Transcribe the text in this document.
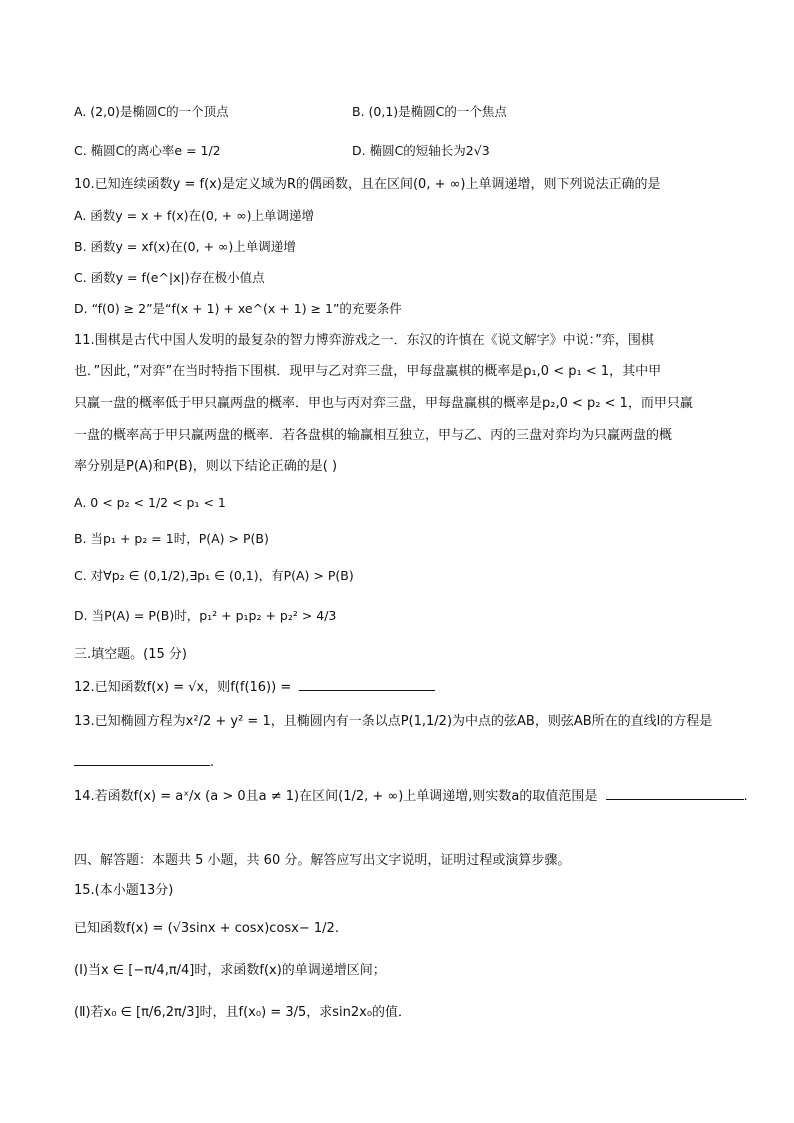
A. (2,0)是椭圆C的一个顶点	B. (0,1)是椭圆C的一个焦点
C. 椭圆C的离心率e = 1/2	D. 椭圆C的短轴长为2√3
10.已知连续函数y = f(x)是定义域为R的偶函数，且在区间(0, + ∞)上单调递增，则下列说法正确的是
A. 函数y = x + f(x)在(0, + ∞)上单调递增
B. 函数y = xf(x)在(0, + ∞)上单调递增
C. 函数y = f(e^|x|)存在极小值点
D. “f(0) ≥ 2”是“f(x + 1) + xe^(x + 1) ≥ 1”的充要条件
11.围棋是古代中国人发明的最复杂的智力博弈游戏之一．东汉的许慎在《说文解字》中说：”弈，围棋
也．”因此，”对弈”在当时特指下围棋．现甲与乙对弈三盘，甲每盘赢棋的概率是p₁,0 < p₁ < 1，其中甲
只赢一盘的概率低于甲只赢两盘的概率．甲也与丙对弈三盘，甲每盘赢棋的概率是p₂,0 < p₂ < 1，而甲只赢
一盘的概率高于甲只赢两盘的概率．若各盘棋的输赢相互独立，甲与乙、丙的三盘对弈均为只赢两盘的概
率分别是P(A)和P(B)，则以下结论正确的是( )
A. 0 < p₂ < 1/2 < p₁ < 1
B. 当p₁ + p₂ = 1时，P(A) > P(B)
C. 对∀p₂ ∈ (0,1/2),∃p₁ ∈ (0,1)，有P(A) > P(B)
D. 当P(A) = P(B)时，p₁² + p₁p₂ + p₂² > 4/3
三.填空题。(15 分)
12.已知函数f(x) = √x，则f(f(16)) =
13.已知椭圆方程为x²/2 + y² = 1，且椭圆内有一条以点P(1,1/2)为中点的弦AB，则弦AB所在的直线l的方程是
.
14.若函数f(x) = aˣ/x (a > 0且a ≠ 1)在区间(1/2, + ∞)上单调递增,则实数a的取值范围是	.
四、解答题：本题共 5 小题，共 60 分。解答应写出文字说明，证明过程或演算步骤。
15.(本小题13分)
已知函数f(x) = (√3sinx + cosx)cosx− 1/2.
(Ⅰ)当x ∈ [−π/4,π/4]时，求函数f(x)的单调递增区间；
(Ⅱ)若x₀ ∈ [π/6,2π/3]时，且f(x₀) = 3/5，求sin2x₀的值．
